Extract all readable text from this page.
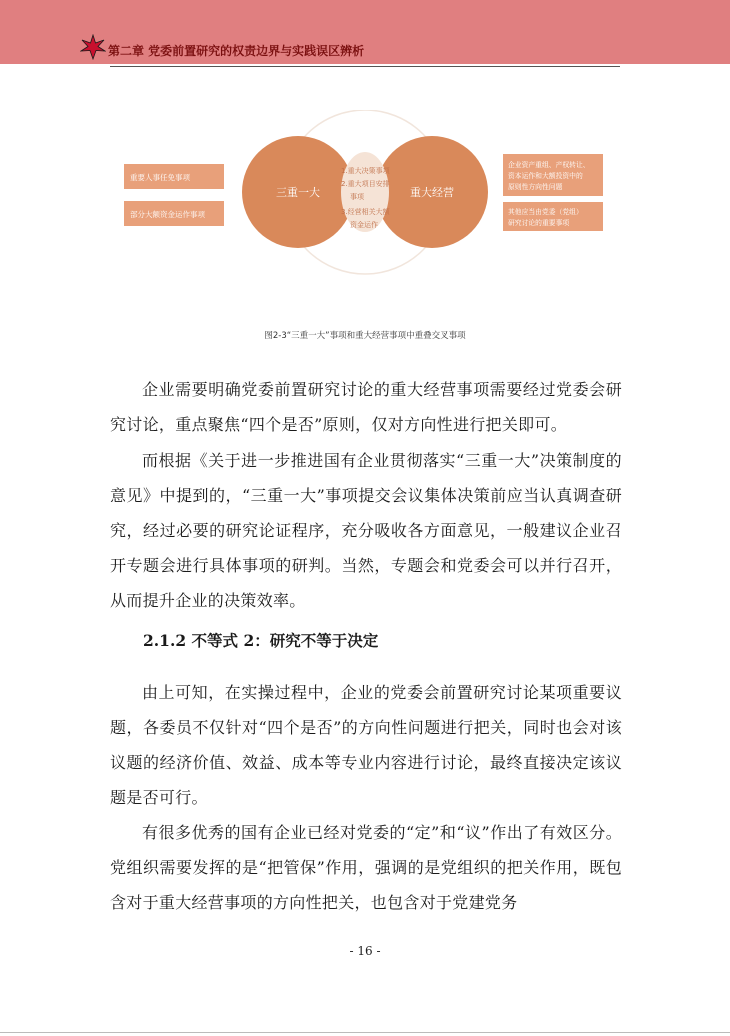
第二章 党委前置研究的权责边界与实践误区辨析
重要人事任免事项
部分大额资金运作事项
三重一大	重大经营
1.重大决策事项
2.重大项目安排
事项
3.经营相关大额
资金运作
企业资产重组、产权转让、
资本运作和大额投资中的
原则性方向性问题
其他应当由党委（党组）
研究讨论的重要事项
图2-3“三重一大”事项和重大经营事项中重叠交叉事项

企业需要明确党委前置研究讨论的重大经营事项需要经过党委会研究讨论，重点聚焦“四个是否”原则，仅对方向性进行把关即可。

而根据《关于进一步推进国有企业贯彻落实“三重一大”决策制度的意见》中提到的，“三重一大”事项提交会议集体决策前应当认真调查研究，经过必要的研究论证程序，充分吸收各方面意见，一般建议企业召开专题会进行具体事项的研判。当然，专题会和党委会可以并行召开，从而提升企业的决策效率。

2.1.2 不等式 2：研究不等于决定

由上可知，在实操过程中，企业的党委会前置研究讨论某项重要议题，各委员不仅针对“四个是否”的方向性问题进行把关，同时也会对该议题的经济价值、效益、成本等专业内容进行讨论，最终直接决定该议题是否可行。

有很多优秀的国有企业已经对党委的“定”和“议”作出了有效区分。党组织需要发挥的是“把管保”作用，强调的是党组织的把关作用，既包含对于重大经营事项的方向性把关，也包含对于党建党务

- 16 -
